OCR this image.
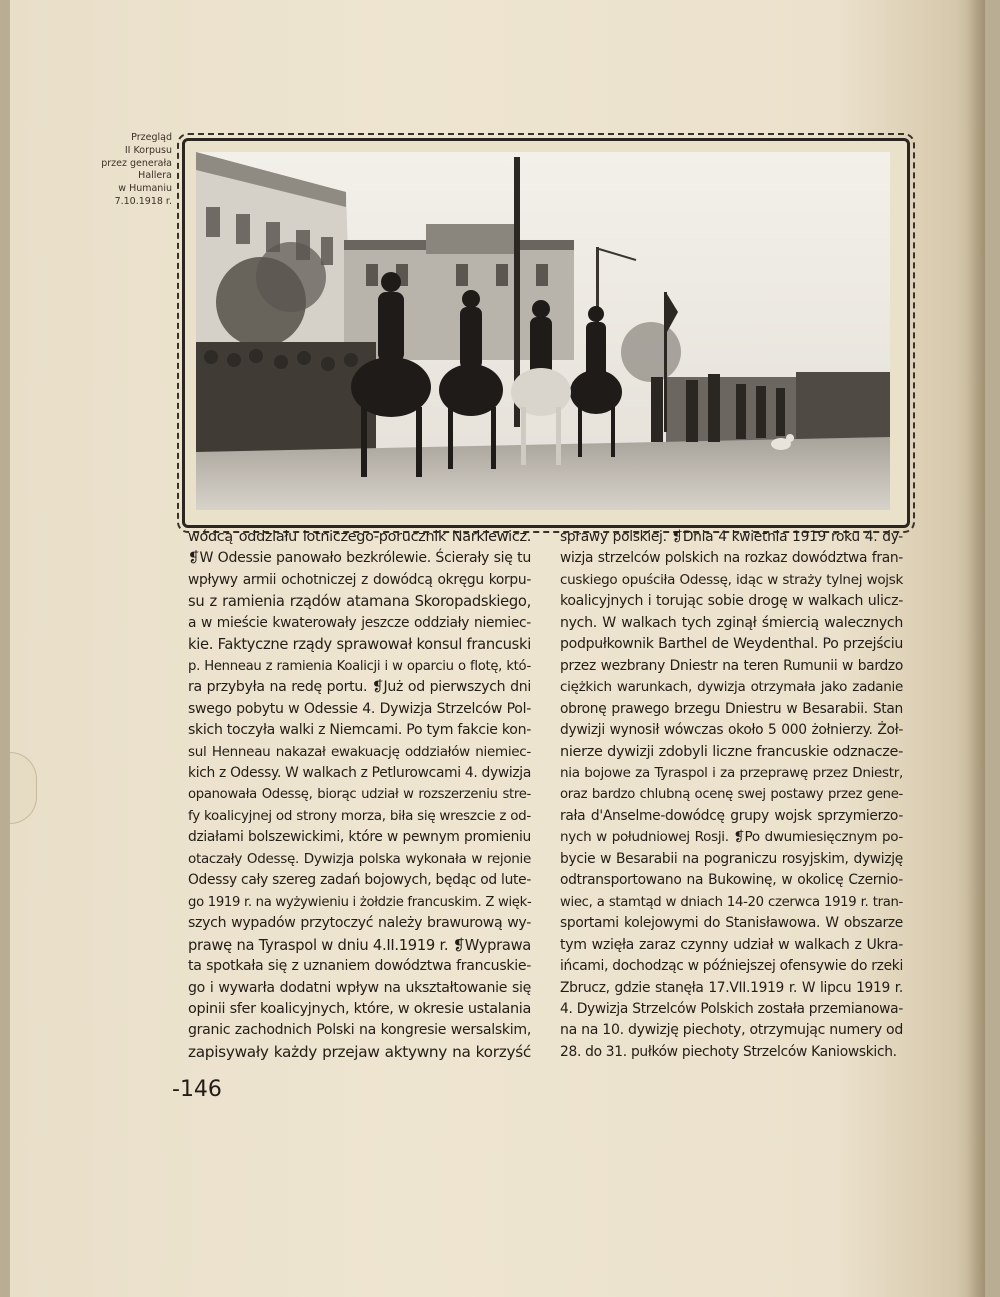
Przegląd
II Korpusu
przez generała
Hallera
w Humaniu
7.10.1918 r.
wódcą oddziału lotniczego-porucznik Narkiewicz.
❡W Odessie panowało bezkrólewie. Ścierały się tu
wpływy armii ochotniczej z dowódcą okręgu korpu-
su z ramienia rządów atamana Skoropadskiego,
a w mieście kwaterowały jeszcze oddziały niemiec-
kie. Faktyczne rządy sprawował konsul francuski
p. Henneau z ramienia Koalicji i w oparciu o flotę, któ-
ra przybyła na redę portu. ❡Już od pierwszych dni
swego pobytu w Odessie 4. Dywizja Strzelców Pol-
skich toczyła walki z Niemcami. Po tym fakcie kon-
sul Henneau nakazał ewakuację oddziałów niemiec-
kich z Odessy. W walkach z Petlurowcami 4. dywizja
opanowała Odessę, biorąc udział w rozszerzeniu stre-
fy koalicyjnej od strony morza, biła się wreszcie z od-
działami bolszewickimi, które w pewnym promieniu
otaczały Odessę. Dywizja polska wykonała w rejonie
Odessy cały szereg zadań bojowych, będąc od lute-
go 1919 r. na wyżywieniu i żołdzie francuskim. Z więk-
szych wypadów przytoczyć należy brawurową wy-
prawę na Tyraspol w dniu 4.II.1919 r. ❡Wyprawa
ta spotkała się z uznaniem dowództwa francuskie-
go i wywarła dodatni wpływ na ukształtowanie się
opinii sfer koalicyjnych, które, w okresie ustalania
granic zachodnich Polski na kongresie wersalskim,
zapisywały każdy przejaw aktywny na korzyść
sprawy polskiej. ❡Dnia 4 kwietnia 1919 roku 4. dy-
wizja strzelców polskich na rozkaz dowództwa fran-
cuskiego opuściła Odessę, idąc w straży tylnej wojsk
koalicyjnych i torując sobie drogę w walkach ulicz-
nych. W walkach tych zginął śmiercią walecznych
podpułkownik Barthel de Weydenthal. Po przejściu
przez wezbrany Dniestr na teren Rumunii w bardzo
ciężkich warunkach, dywizja otrzymała jako zadanie
obronę prawego brzegu Dniestru w Besarabii. Stan
dywizji wynosił wówczas około 5 000 żołnierzy. Żoł-
nierze dywizji zdobyli liczne francuskie odznacze-
nia bojowe za Tyraspol i za przeprawę przez Dniestr,
oraz bardzo chlubną ocenę swej postawy przez gene-
rała d'Anselme-dowódcę grupy wojsk sprzymierzo-
nych w południowej Rosji. ❡Po dwumiesięcznym po-
bycie w Besarabii na pograniczu rosyjskim, dywizję
odtransportowano na Bukowinę, w okolicę Czernio-
wiec, a stamtąd w dniach 14-20 czerwca 1919 r. tran-
sportami kolejowymi do Stanisławowa. W obszarze
tym wzięła zaraz czynny udział w walkach z Ukra-
ińcami, dochodząc w późniejszej ofensywie do rzeki
Zbrucz, gdzie stanęła 17.VII.1919 r. W lipcu 1919 r.
4. Dywizja Strzelców Polskich została przemianowa-
na na 10. dywizję piechoty, otrzymując numery od
28. do 31. pułków piechoty Strzelców Kaniowskich.
-146
